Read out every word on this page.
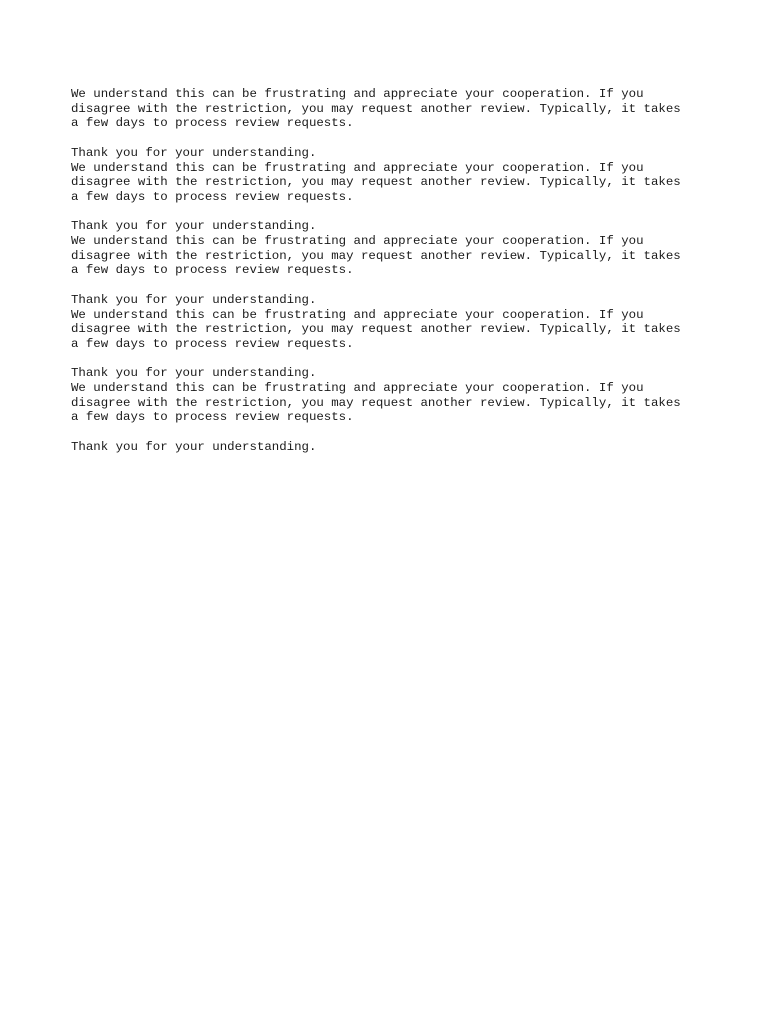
We understand this can be frustrating and appreciate your cooperation. If you
disagree with the restriction, you may request another review. Typically, it takes
a few days to process review requests.

Thank you for your understanding.

We understand this can be frustrating and appreciate your cooperation. If you
disagree with the restriction, you may request another review. Typically, it takes
a few days to process review requests.

Thank you for your understanding.

We understand this can be frustrating and appreciate your cooperation. If you
disagree with the restriction, you may request another review. Typically, it takes
a few days to process review requests.

Thank you for your understanding.

We understand this can be frustrating and appreciate your cooperation. If you
disagree with the restriction, you may request another review. Typically, it takes
a few days to process review requests.

Thank you for your understanding.

We understand this can be frustrating and appreciate your cooperation. If you
disagree with the restriction, you may request another review. Typically, it takes
a few days to process review requests.

Thank you for your understanding.
